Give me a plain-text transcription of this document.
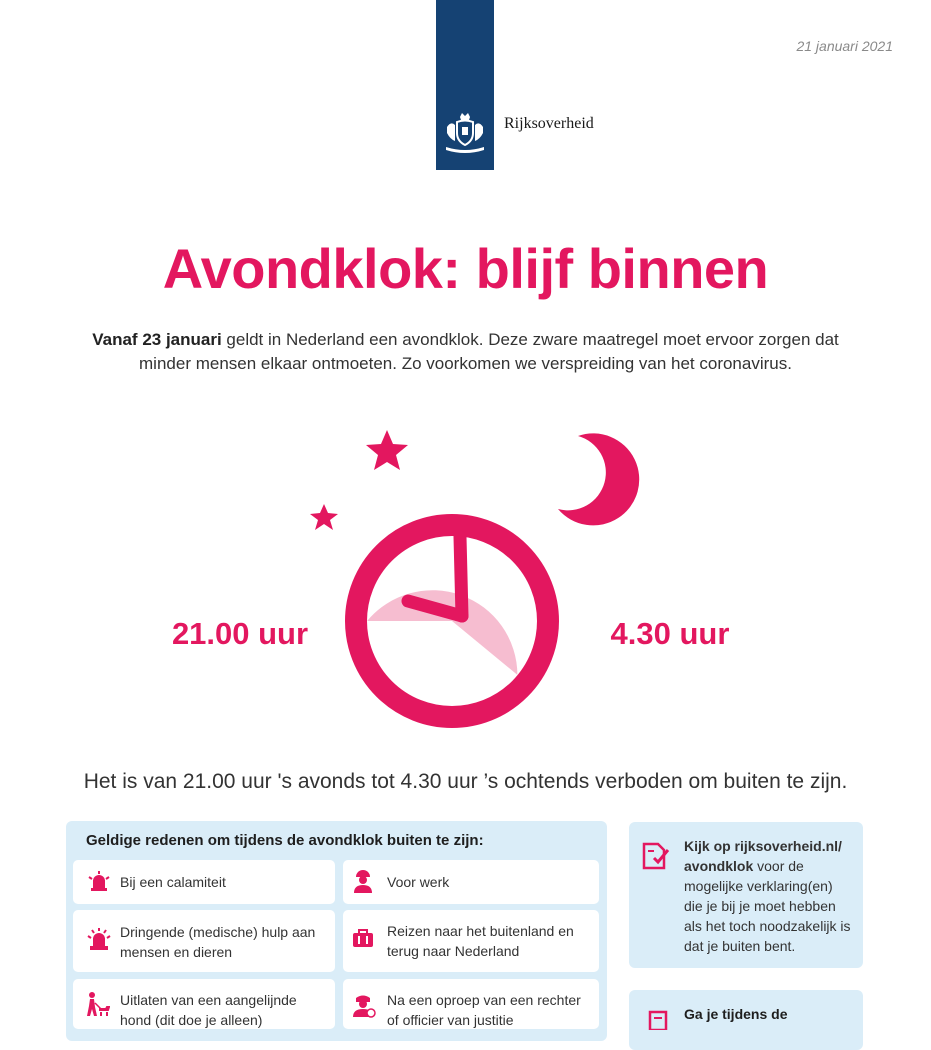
21 januari 2021
Rijksoverheid
Avondklok: blijf binnen
Vanaf 23 januari geldt in Nederland een avondklok. Deze zware maatregel moet ervoor zorgen dat minder mensen elkaar ontmoeten. Zo voorkomen we verspreiding van het coronavirus.
21.00 uur	4.30 uur
Het is van 21.00 uur 's avonds tot 4.30 uur ’s ochtends verboden om buiten te zijn.
Geldige redenen om tijdens de avondklok buiten te zijn:
Bij een calamiteit	Voor werk
Dringende (medische) hulp aan mensen en dieren
Reizen naar het buitenland en terug naar Nederland
Uitlaten van een aangelijnde hond (dit doe je alleen)
Na een oproep van een rechter of officier van justitie
Kijk op rijksoverheid.nl/ avondklok voor de mogelijke verklaring(en) die je bij je moet hebben als het toch noodzakelijk is dat je buiten bent.
Ga je tijdens de
